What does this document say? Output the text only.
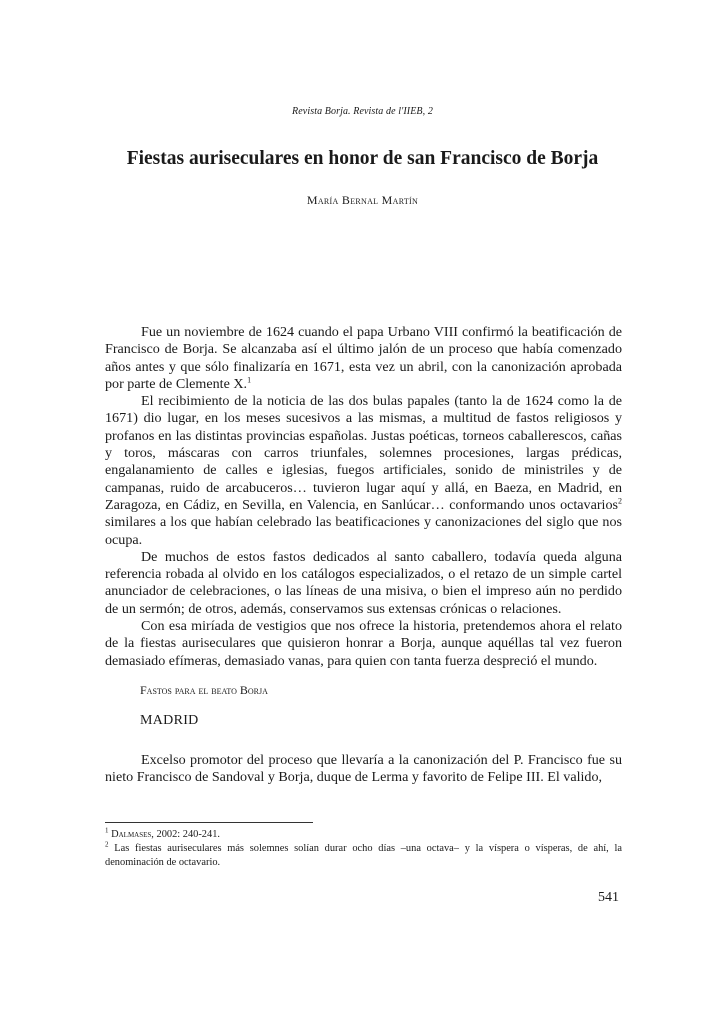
Revista Borja. Revista de l'IIEB, 2
Fiestas auriseculares en honor de san Francisco de Borja
María Bernal Martín

Fue un noviembre de 1624 cuando el papa Urbano VIII confirmó la beatificación de Francisco de Borja. Se alcanzaba así el último jalón de un proceso que había comenzado años antes y que sólo finalizaría en 1671, esta vez un abril, con la canonización aprobada por parte de Clemente X.$^1$

El recibimiento de la noticia de las dos bulas papales (tanto la de 1624 como la de 1671) dio lugar, en los meses sucesivos a las mismas, a multitud de fastos religiosos y profanos en las distintas provincias españolas. Justas poéticas, torneos caballerescos, cañas y toros, máscaras con carros triunfales, solemnes procesiones, largas prédicas, engalanamiento de calles e iglesias, fuegos artificiales, sonido de ministriles y de campanas, ruido de arcabuceros… tuvieron lugar aquí y allá, en Baeza, en Madrid, en Zaragoza, en Cádiz, en Sevilla, en Valencia, en Sanlúcar… conformando unos octavarios$^2$ similares a los que habían celebrado las beatificaciones y canonizaciones del siglo que nos ocupa.

De muchos de estos fastos dedicados al santo caballero, todavía queda alguna referencia robada al olvido en los catálogos especializados, o el retazo de un simple cartel anunciador de celebraciones, o las líneas de una misiva, o bien el impreso aún no perdido de un sermón; de otros, además, conservamos sus extensas crónicas o relaciones.

Con esa miríada de vestigios que nos ofrece la historia, pretendemos ahora el relato de la fiestas auriseculares que quisieron honrar a Borja, aunque aquéllas tal vez fueron demasiado efímeras, demasiado vanas, para quien con tanta fuerza despreció el mundo.

Fastos para el beato Borja
MADRID

Excelso promotor del proceso que llevaría a la canonización del P. Francisco fue su nieto Francisco de Sandoval y Borja, duque de Lerma y favorito de Felipe III. El valido,

$^1$ Dalmases, 2002: 240-241.

$^2$ Las fiestas auriseculares más solemnes solían durar ocho días –una octava– y la víspera o vísperas, de ahí, la denominación de octavario.

541
